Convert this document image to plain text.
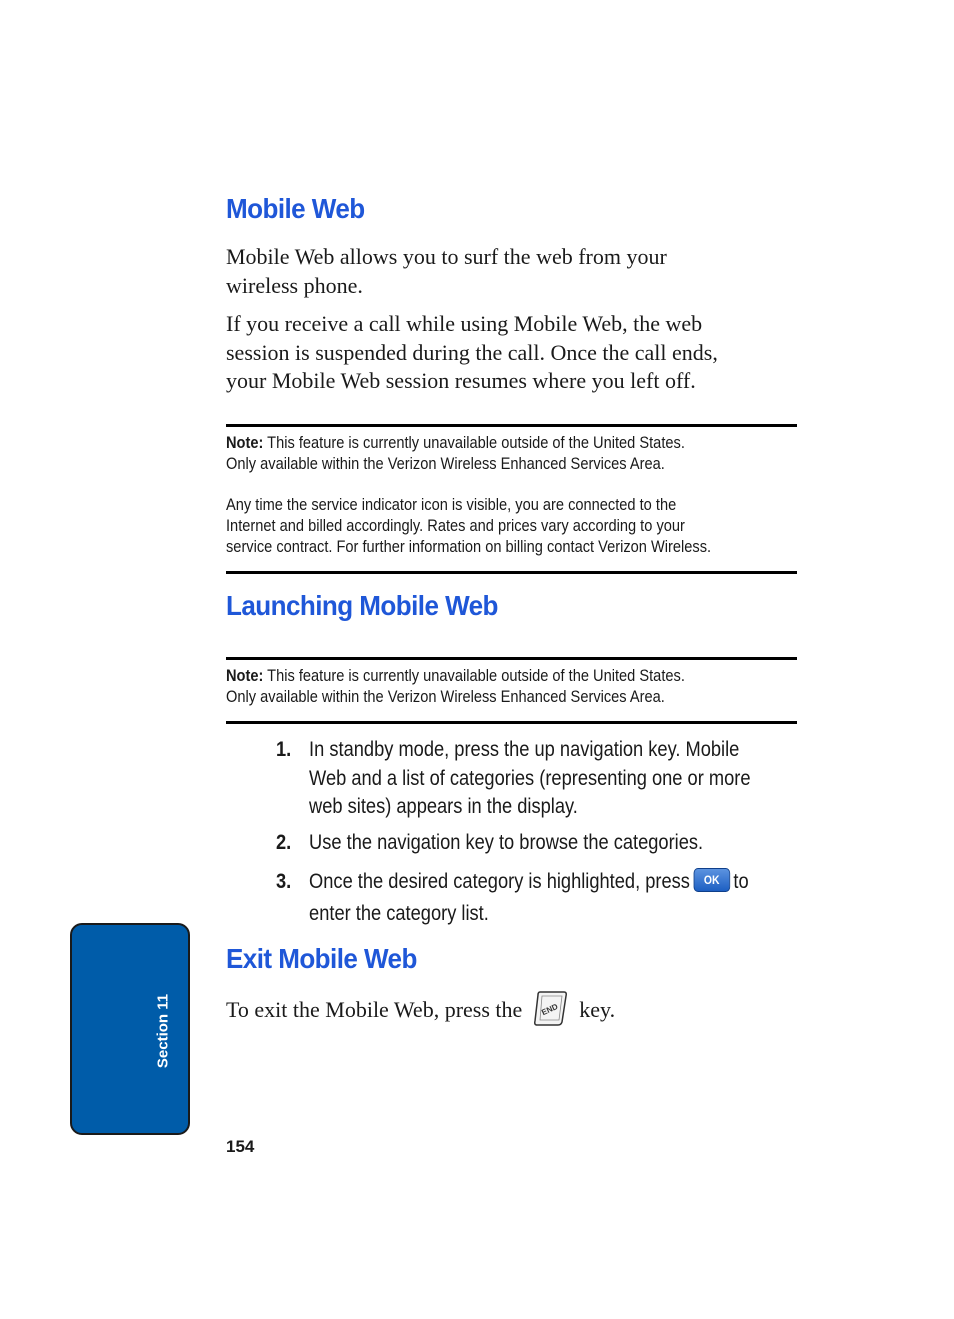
Mobile Web

Mobile Web allows you to surf the web from your
wireless phone.

If you receive a call while using Mobile Web, the web
session is suspended during the call. Once the call ends,
your Mobile Web session resumes where you left off.

Note: This feature is currently unavailable outside of the United States.
Only available within the Verizon Wireless Enhanced Services Area.

Any time the service indicator icon is visible, you are connected to the
Internet and billed accordingly. Rates and prices vary according to your
service contract. For further information on billing contact Verizon Wireless.
Launching Mobile Web
Note: This feature is currently unavailable outside of the United States.
Only available within the Verizon Wireless Enhanced Services Area.
1. In standby mode, press the up navigation key. Mobile
Web and a list of categories (representing one or more
web sites) appears in the display.
2. Use the navigation key to browse the categories.
3. Once the desired category is highlighted, press OK to
enter the category list.
Exit Mobile Web

To exit the Mobile Web, press the END key.

Section 11
154
